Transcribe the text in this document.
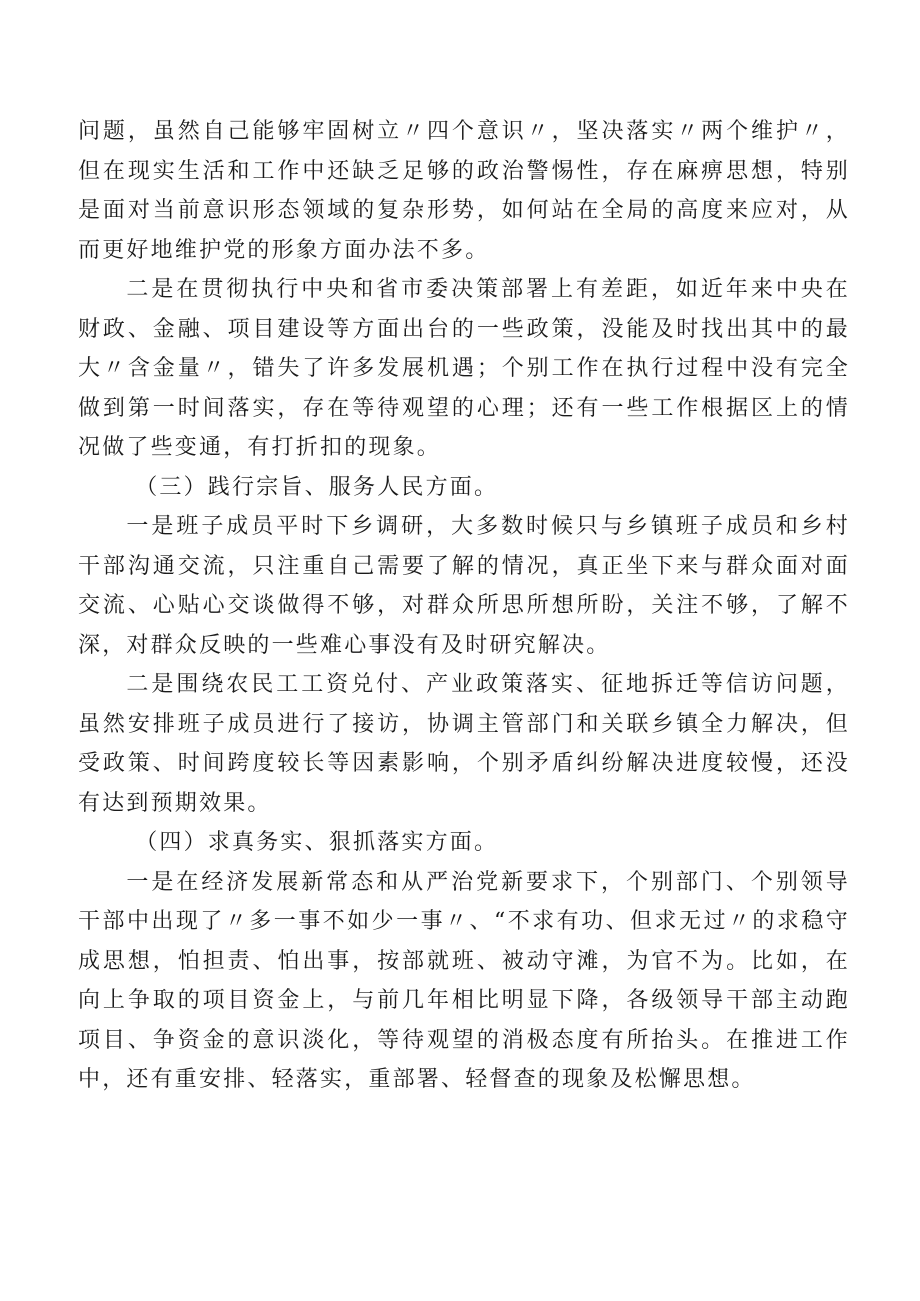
问题，虽然自己能够牢固树立〃四个意识〃，坚决落实〃两个维护〃，但在现实生活和工作中还缺乏足够的政治警惕性，存在麻痹思想，特别是面对当前意识形态领域的复杂形势，如何站在全局的高度来应对，从而更好地维护党的形象方面办法不多。

二是在贯彻执行中央和省市委决策部署上有差距，如近年来中央在财政、金融、项目建设等方面出台的一些政策，没能及时找出其中的最大〃含金量〃，错失了许多发展机遇；个别工作在执行过程中没有完全做到第一时间落实，存在等待观望的心理；还有一些工作根据区上的情况做了些变通，有打折扣的现象。

（三）践行宗旨、服务人民方面。

一是班子成员平时下乡调研，大多数时候只与乡镇班子成员和乡村干部沟通交流，只注重自己需要了解的情况，真正坐下来与群众面对面交流、心贴心交谈做得不够，对群众所思所想所盼，关注不够，了解不深，对群众反映的一些难心事没有及时研究解决。

二是围绕农民工工资兑付、产业政策落实、征地拆迁等信访问题，虽然安排班子成员进行了接访，协调主管部门和关联乡镇全力解决，但受政策、时间跨度较长等因素影响，个别矛盾纠纷解决进度较慢，还没有达到预期效果。

（四）求真务实、狠抓落实方面。

一是在经济发展新常态和从严治党新要求下，个别部门、个别领导干部中出现了〃多一事不如少一事〃、“不求有功、但求无过〃的求稳守成思想，怕担责、怕出事，按部就班、被动守滩，为官不为。比如，在向上争取的项目资金上，与前几年相比明显下降，各级领导干部主动跑项目、争资金的意识淡化，等待观望的消极态度有所抬头。在推进工作中，还有重安排、轻落实，重部署、轻督查的现象及松懈思想。
